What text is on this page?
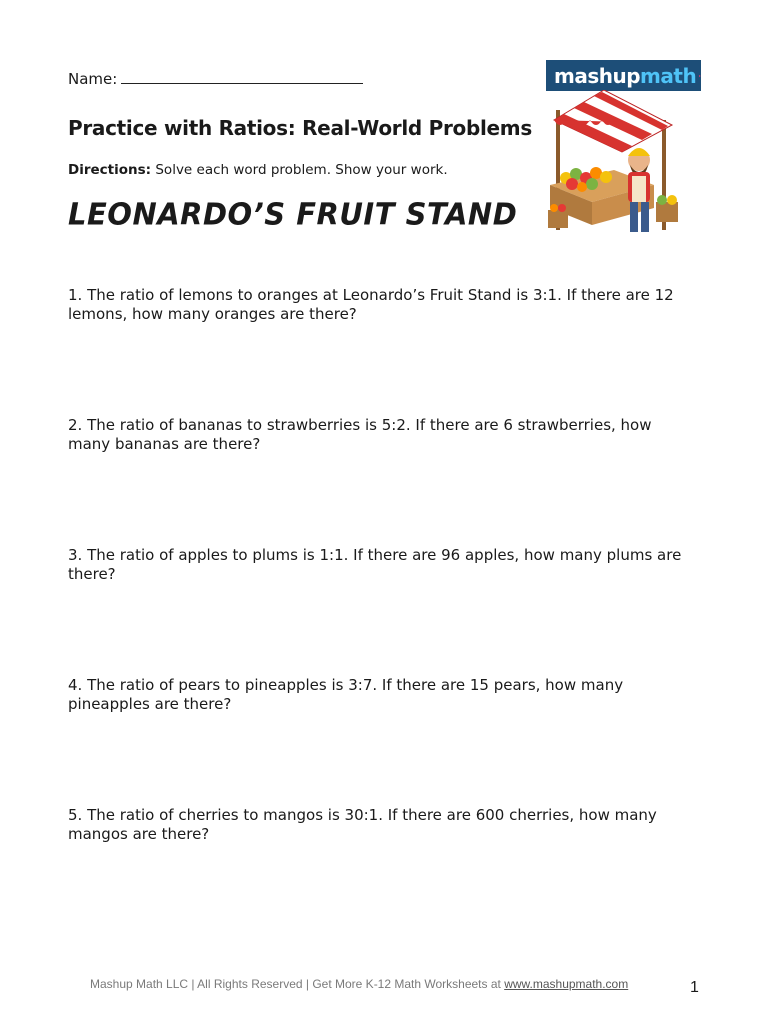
Name:	mashup math
Practice with Ratios: Real-World Problems
Directions: Solve each word problem. Show your work.
LEONARDO’S FRUIT STAND
1. The ratio of lemons to oranges at Leonardo’s Fruit Stand is 3:1. If there are 12 lemons, how many oranges are there?
2. The ratio of bananas to strawberries is 5:2. If there are 6 strawberries, how many bananas are there?
3. The ratio of apples to plums is 1:1. If there are 96 apples, how many plums are there?
4. The ratio of pears to pineapples is 3:7. If there are 15 pears, how many pineapples are there?
5. The ratio of cherries to mangos is 30:1. If there are 600 cherries, how many mangos are there?
Mashup Math LLC | All Rights Reserved | Get More K-12 Math Worksheets at www.mashupmath.com	1
